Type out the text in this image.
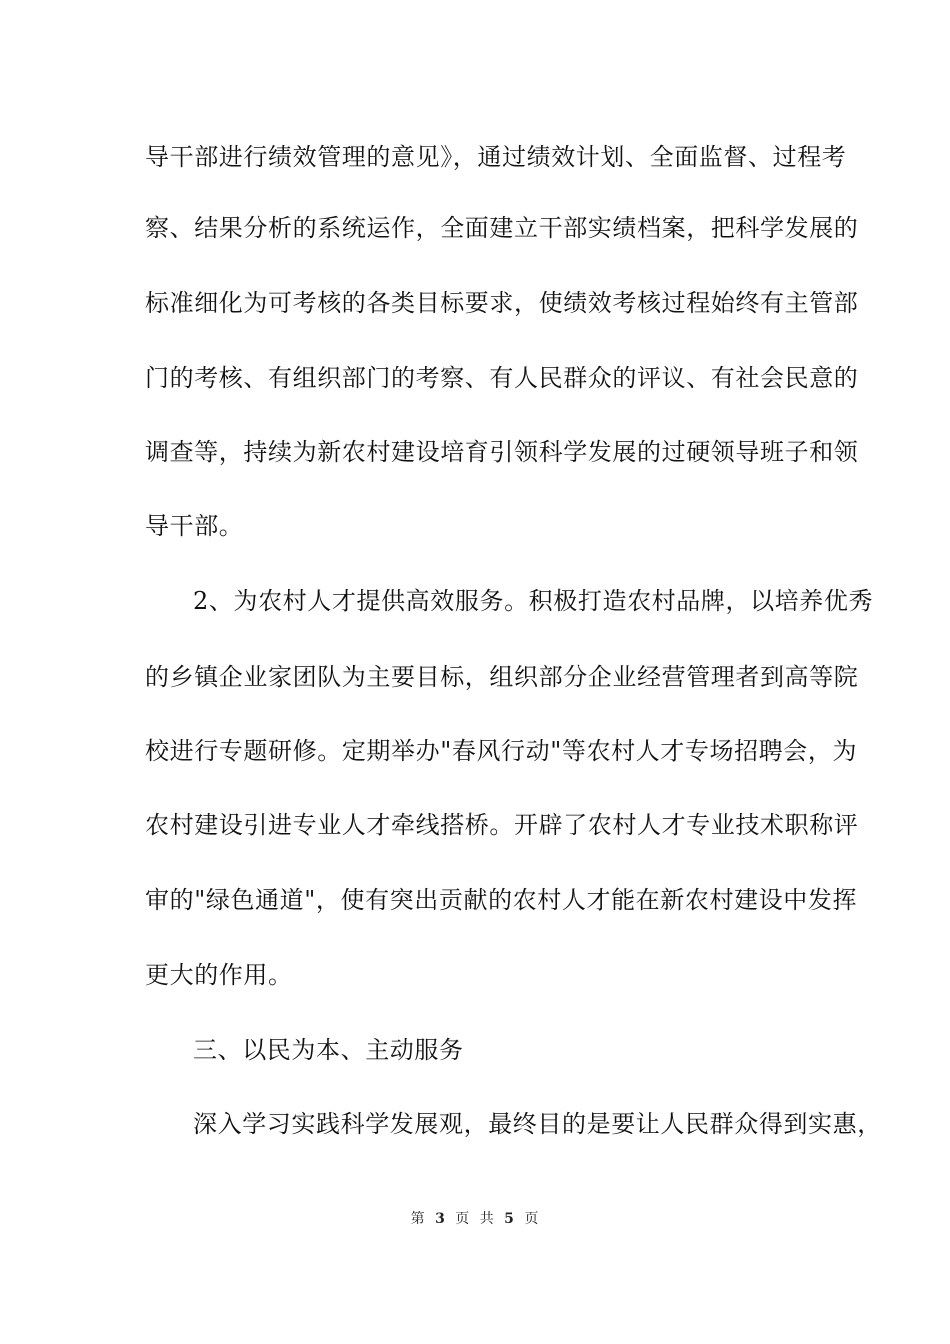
导干部进行绩效管理的意见》，通过绩效计划、全面监督、过程考
察、结果分析的系统运作，全面建立干部实绩档案，把科学发展的
标准细化为可考核的各类目标要求，使绩效考核过程始终有主管部
门的考核、有组织部门的考察、有人民群众的评议、有社会民意的
调查等，持续为新农村建设培育引领科学发展的过硬领导班子和领
导干部。
2、为农村人才提供高效服务。积极打造农村品牌，以培养优秀
的乡镇企业家团队为主要目标，组织部分企业经营管理者到高等院
校进行专题研修。定期举办"春风行动"等农村人才专场招聘会，为
农村建设引进专业人才牵线搭桥。开辟了农村人才专业技术职称评
审的"绿色通道"，使有突出贡献的农村人才能在新农村建设中发挥
更大的作用。
三、以民为本、主动服务
深入学习实践科学发展观，最终目的是要让人民群众得到实惠，
第 3 页 共 5 页
